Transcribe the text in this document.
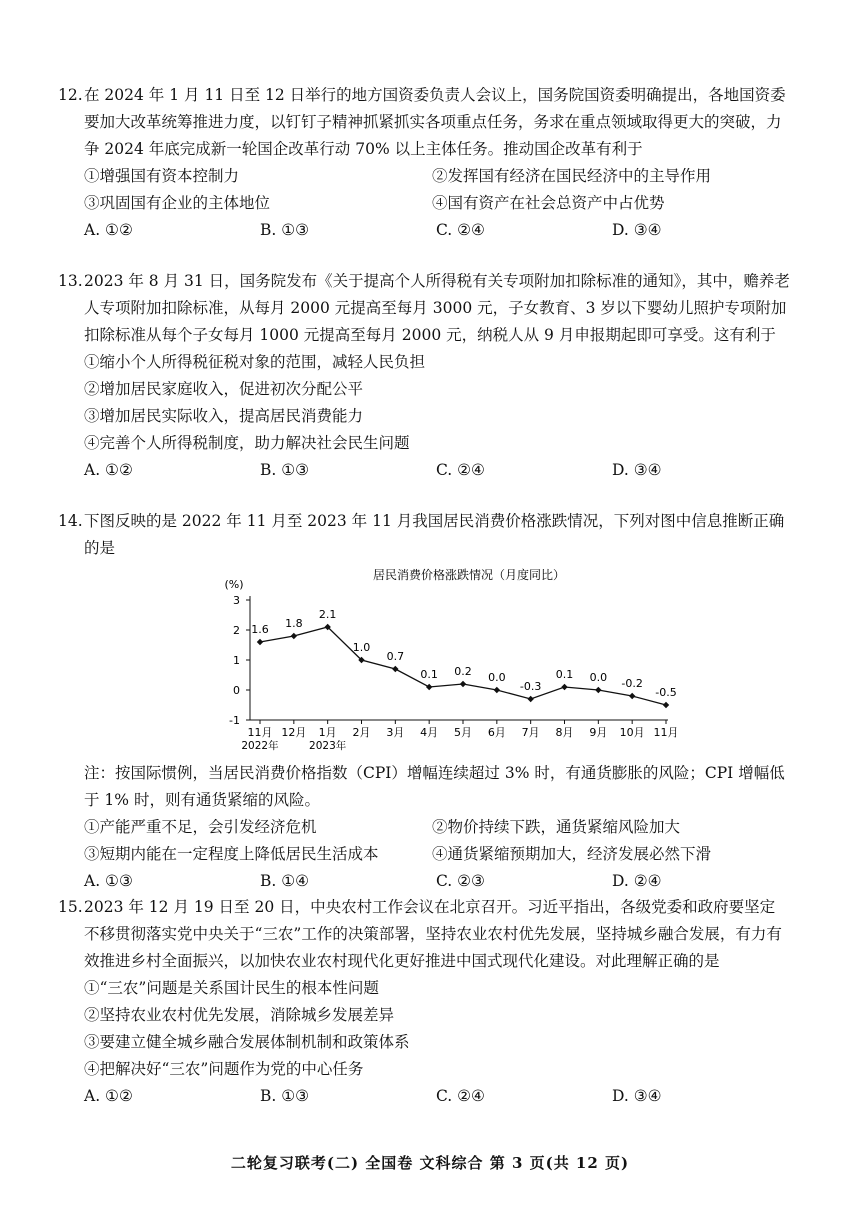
12. 在 2024 年 1 月 11 日至 12 日举行的地方国资委负责人会议上，国务院国资委明确提出，各地国资委要加大改革统筹推进力度，以钉钉子精神抓紧抓实各项重点任务，务求在重点领域取得更大的突破，力争 2024 年底完成新一轮国企改革行动 70% 以上主体任务。推动国企改革有利于
①增强国有资本控制力	②发挥国有经济在国民经济中的主导作用
③巩固国有企业的主体地位	④国有资产在社会总资产中占优势
A. ①②	B. ①③	C. ②④	D. ③④
13. 2023 年 8 月 31 日，国务院发布《关于提高个人所得税有关专项附加扣除标准的通知》，其中，赡养老人专项附加扣除标准，从每月 2000 元提高至每月 3000 元，子女教育、3 岁以下婴幼儿照护专项附加扣除标准从每个子女每月 1000 元提高至每月 2000 元，纳税人从 9 月申报期起即可享受。这有利于
①缩小个人所得税征税对象的范围，减轻人民负担
②增加居民家庭收入，促进初次分配公平
③增加居民实际收入，提高居民消费能力
④完善个人所得税制度，助力解决社会民生问题
A. ①②	B. ①③	C. ②④	D. ③④
14. 下图反映的是 2022 年 11 月至 2023 年 11 月我国居民消费价格涨跌情况，下列对图中信息推断正确的是
居民消费价格涨跌情况（月度同比）
(%)
3
2
1
0
-1
11月 12月 1月 2月 3月 4月 5月 6月 7月 8月 9月 10月 11月
2022年	2023年
1.6 1.8
2.1
1.0
0.7
0.1 0.2 0.0
-0.3
0.1 0.0 -0.2
-0.5
注：按国际惯例，当居民消费价格指数（CPI）增幅连续超过 3% 时，有通货膨胀的风险；CPI 增幅低于 1% 时，则有通货紧缩的风险。
①产能严重不足，会引发经济危机	②物价持续下跌，通货紧缩风险加大
③短期内能在一定程度上降低居民生活成本	④通货紧缩预期加大，经济发展必然下滑
A. ①③	B. ①④	C. ②③	D. ②④
15. 2023 年 12 月 19 日至 20 日，中央农村工作会议在北京召开。习近平指出，各级党委和政府要坚定不移贯彻落实党中央关于“三农”工作的决策部署，坚持农业农村优先发展，坚持城乡融合发展，有力有效推进乡村全面振兴，以加快农业农村现代化更好推进中国式现代化建设。对此理解正确的是
①“三农”问题是关系国计民生的根本性问题
②坚持农业农村优先发展，消除城乡发展差异
③要建立健全城乡融合发展体制机制和政策体系
④把解决好“三农”问题作为党的中心任务
A. ①②	B. ①③	C. ②④	D. ③④
二轮复习联考(二) 全国卷 文科综合 第 3 页(共 12 页)
